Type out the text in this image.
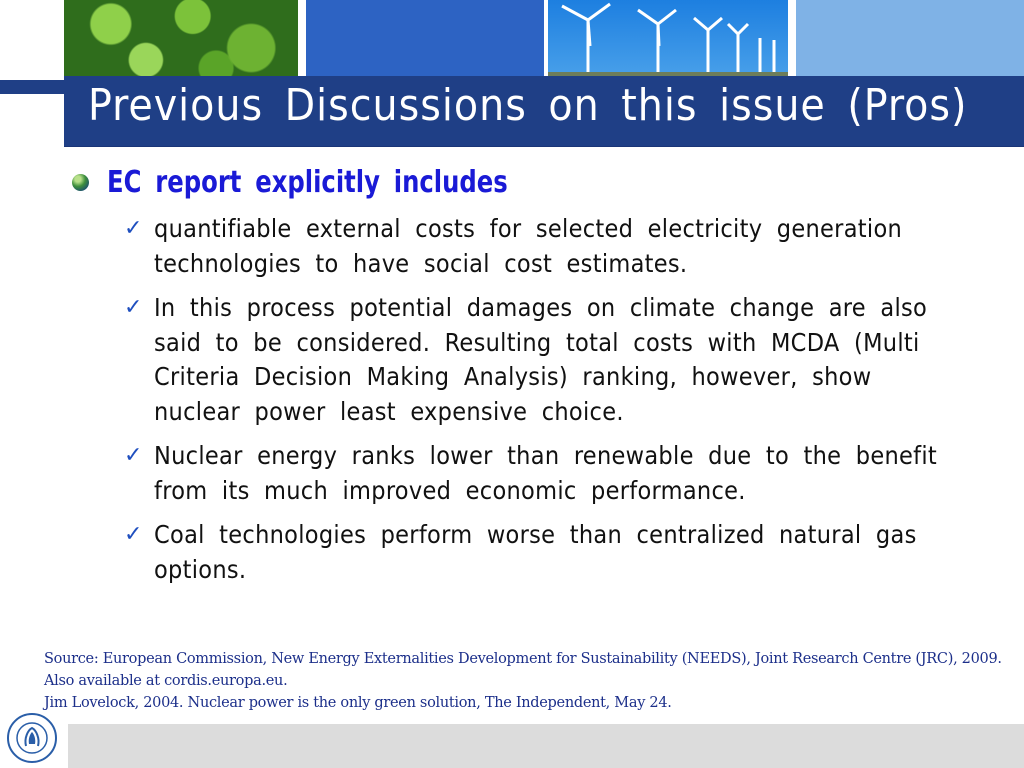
Previous Discussions on this issue (Pros)
EC report explicitly includes
✓ quantifiable external costs for selected electricity generation technologies to have social cost estimates.
✓ In this process potential damages on climate change are also said to be considered. Resulting total costs with MCDA (Multi Criteria Decision Making Analysis) ranking, however, show nuclear power least expensive choice.
✓ Nuclear energy ranks lower than renewable due to the benefit from its much improved economic performance.
✓ Coal technologies perform worse than centralized natural gas options.

Source: European Commission, New Energy Externalities Development for Sustainability (NEEDS), Joint Research Centre (JRC), 2009. Also available at cordis.europa.eu.

Jim Lovelock, 2004. Nuclear power is the only green solution, The Independent, May 24.
